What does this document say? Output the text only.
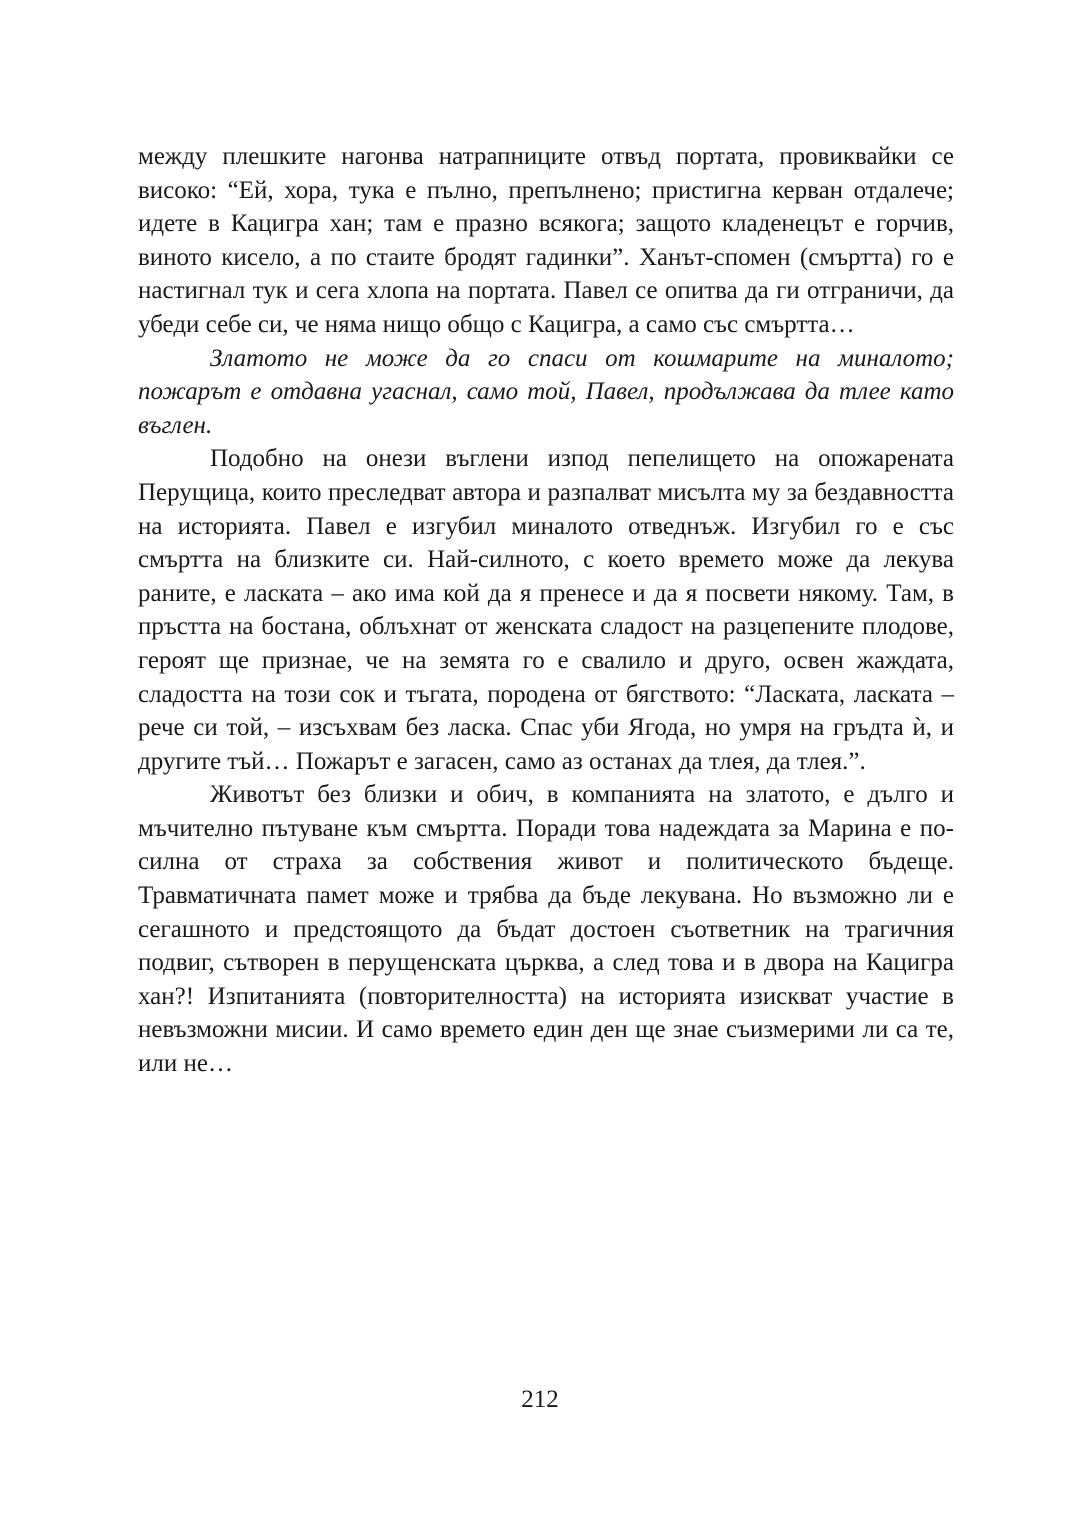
между плешките нагонва натрапниците отвъд портата, провиквайки се високо: “Ей, хора, тука е пълно, препълнено; пристигна керван отдалече; идете в Кацигра хан; там е празно всякога; защото кладенецът е горчив, виното кисело, а по стаите бродят гадинки”. Ханът-спомен (смъртта) го е настигнал тук и сега хлопа на портата. Павел се опитва да ги отграничи, да убеди себе си, че няма нищо общо с Кацигра, а само със смъртта…

Златото не може да го спаси от кошмарите на миналото; пожарът е отдавна угаснал, само той, Павел, продължава да тлее като въглен.

Подобно на онези въглени изпод пепелището на опожарената Перущица, които преследват автора и разпалват мисълта му за бездавността на историята. Павел е изгубил миналото отведнъж. Изгубил го е със смъртта на близките си. Най-силното, с което времето може да лекува раните, е ласката – ако има кой да я пренесе и да я посвети някому. Там, в пръстта на бостана, облъхнат от женската сладост на разцепените плодове, героят ще признае, че на земята го е свалило и друго, освен жаждата, сладостта на този сок и тъгата, породена от бягството: “Ласката, ласката – рече си той, – изсъхвам без ласка. Спас уби Ягода, но умря на гръдта ѝ, и другите тъй… Пожарът е загасен, само аз останах да тлея, да тлея.”.

Животът без близки и обич, в компанията на златото, е дълго и мъчително пътуване към смъртта. Поради това надеждата за Марина е по-силна от страха за собствения живот и политическото бъдеще. Травматичната памет може и трябва да бъде лекувана. Но възможно ли е сегашното и предстоящото да бъдат достоен съответник на трагичния подвиг, сътворен в перущенската църква, а след това и в двора на Кацигра хан?! Изпитанията (повторителността) на историята изискват участие в невъзможни мисии. И само времето един ден ще знае съизмерими ли са те, или не…

212
